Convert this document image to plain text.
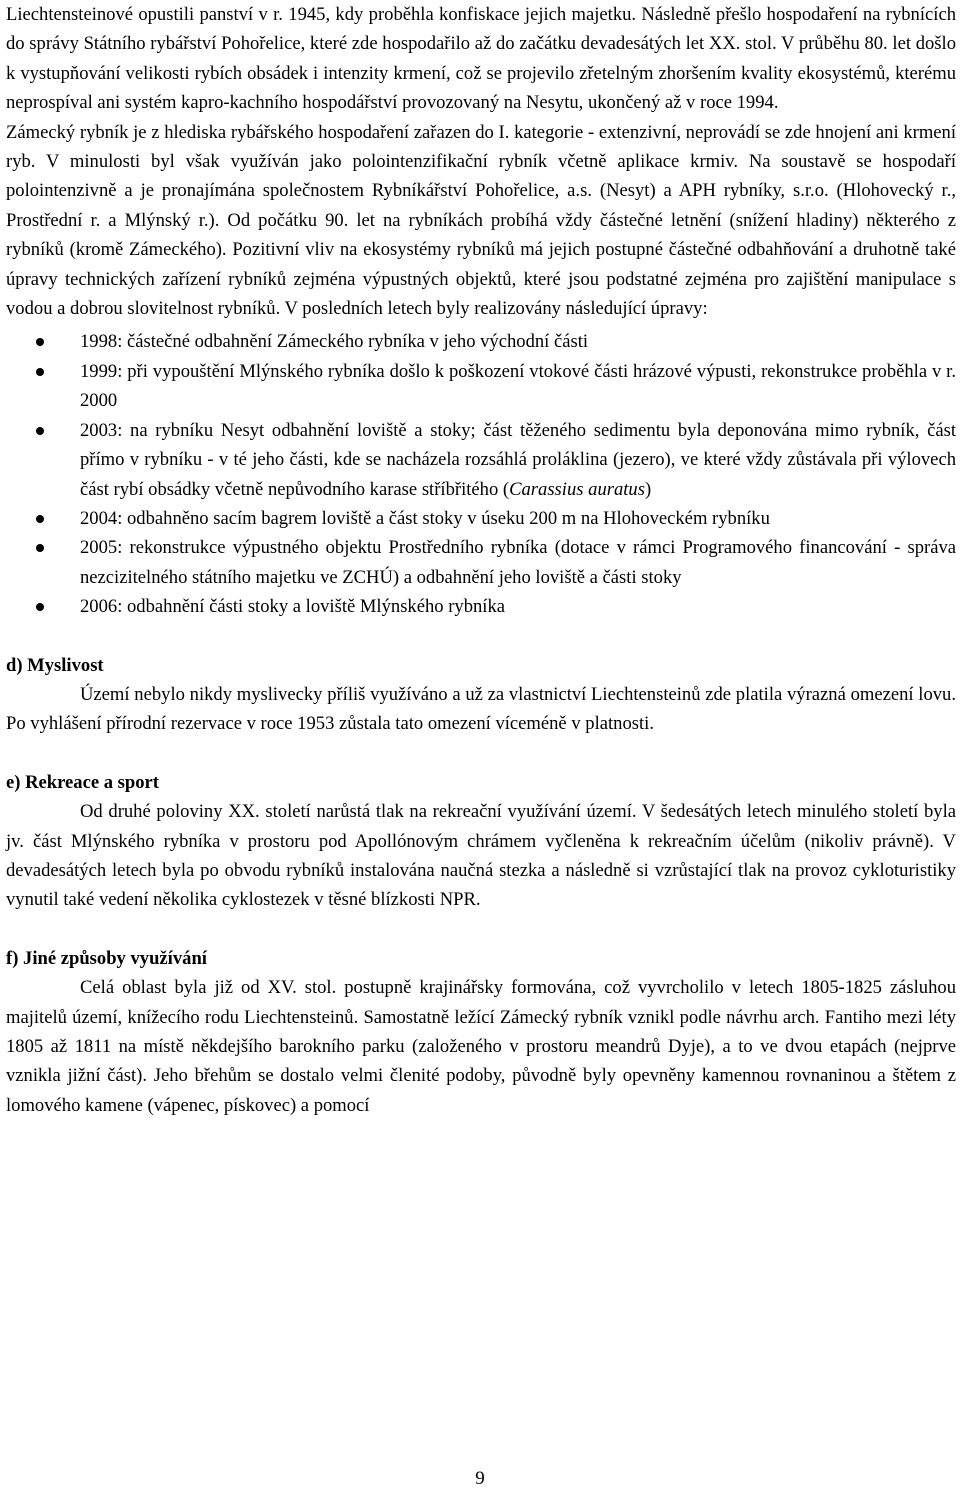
Liechtensteinové opustili panství v r. 1945, kdy proběhla konfiskace jejich majetku. Následně přešlo hospodaření na rybnících do správy Státního rybářství Pohořelice, které zde hospodařilo až do začátku devadesátých let XX. stol. V průběhu 80. let došlo k vystupňování velikosti rybích obsádek i intenzity krmení, což se projevilo zřetelným zhoršením kvality ekosystémů, kterému neprospíval ani systém kapro-kachního hospodářství provozovaný na Nesytu, ukončený až v roce 1994.

Zámecký rybník je z hlediska rybářského hospodaření zařazen do I. kategorie - extenzivní, neprovádí se zde hnojení ani krmení ryb. V minulosti byl však využíván jako polointenzifikační rybník včetně aplikace krmiv. Na soustavě se hospodaří polointenzivně a je pronajímána společnostem Rybníkářství Pohořelice, a.s. (Nesyt) a APH rybníky, s.r.o. (Hlohovecký r., Prostřední r. a Mlýnský r.). Od počátku 90. let na rybníkách probíhá vždy částečné letnění (snížení hladiny) některého z rybníků (kromě Zámeckého). Pozitivní vliv na ekosystémy rybníků má jejich postupné částečné odbahňování a druhotně také úpravy technických zařízení rybníků zejména výpustných objektů, které jsou podstatné zejména pro zajištění manipulace s vodou a dobrou slovitelnost rybníků. V posledních letech byly realizovány následující úpravy:

1998: částečné odbahnění Zámeckého rybníka v jeho východní části
1999: při vypouštění Mlýnského rybníka došlo k poškození vtokové části hrázové výpusti, rekonstrukce proběhla v r. 2000
2003: na rybníku Nesyt odbahnění loviště a stoky; část těženého sedimentu byla deponována mimo rybník, část přímo v rybníku - v té jeho části, kde se nacházela rozsáhlá proláklina (jezero), ve které vždy zůstávala při výlovech část rybí obsádky včetně nepůvodního karase stříbřitého (Carassius auratus)
2004: odbahněno sacím bagrem loviště a část stoky v úseku 200 m na Hlohoveckém rybníku
2005: rekonstrukce výpustného objektu Prostředního rybníka (dotace v rámci Programového financování - správa nezcizitelného státního majetku ve ZCHÚ) a odbahnění jeho loviště a části stoky
2006: odbahnění části stoky a loviště Mlýnského rybníka
d) Myslivost

Území nebylo nikdy myslivecky příliš využíváno a už za vlastnictví Liechtensteinů zde platila výrazná omezení lovu. Po vyhlášení přírodní rezervace v roce 1953 zůstala tato omezení víceméně v platnosti.

e) Rekreace a sport

Od druhé poloviny XX. století narůstá tlak na rekreační využívání území. V šedesátých letech minulého století byla jv. část Mlýnského rybníka v prostoru pod Apollónovým chrámem vyčleněna k rekreačním účelům (nikoliv právně). V devadesátých letech byla po obvodu rybníků instalována naučná stezka a následně si vzrůstající tlak na provoz cykloturistiky vynutil také vedení několika cyklostezek v těsné blízkosti NPR.

f) Jiné způsoby využívání

Celá oblast byla již od XV. stol. postupně krajinářsky formována, což vyvrcholilo v letech 1805-1825 zásluhou majitelů území, knížecího rodu Liechtensteinů. Samostatně ležící Zámecký rybník vznikl podle návrhu arch. Fantiho mezi léty 1805 až 1811 na místě někdejšího barokního parku (založeného v prostoru meandrů Dyje), a to ve dvou etapách (nejprve vznikla jižní část). Jeho břehům se dostalo velmi členité podoby, původně byly opevněny kamennou rovnaninou a štětem z lomového kamene (vápenec, pískovec) a pomocí

9
